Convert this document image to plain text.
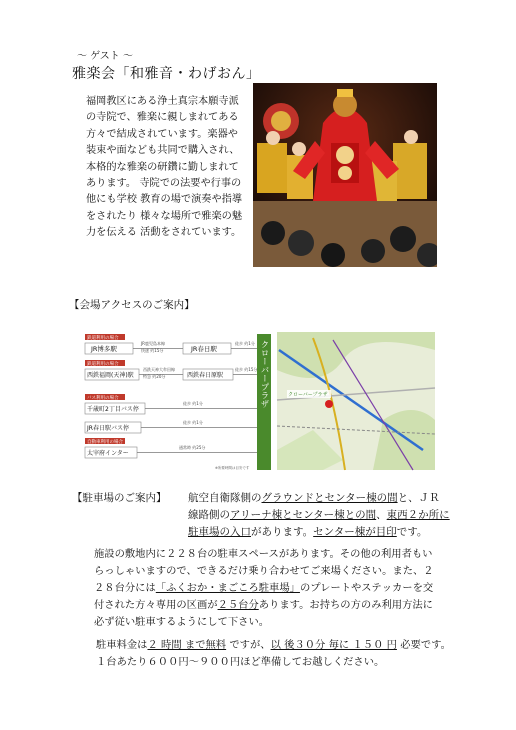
～ ゲスト ～
雅楽会「和雅音・わげおん」
福岡教区にある浄土真宗本願寺派
の寺院で、雅楽に親しまれてある
方々で結成されています。楽器や
装束や面なども共同で購入され、
本格的な雅楽の研鑽に勤しまれて
あります。 寺院での法要や行事の
他にも学校 教育の場で演奏や指導
をされたり 様々な場所で雅楽の魅
力を伝える 活動をされています。
【会場アクセスのご案内】
鉄道利用の場合
JR博多駅
JR鹿児島本線
快速 約15分	JR春日駅
徒歩 約1分
鉄道利用の場合
西鉄福岡(天神)駅
西鉄天神大牟田線
特急 約20分	西鉄春日原駅
徒歩 約15分
バス利用の場合
千歳町2丁目バス停
徒歩 約1分
JR春日駅バス停
徒歩 約1分
自動車利用の場合
太宰府インター
通常時 約25分
※所要時間は目安です
クローバープラザ	クローバープラザ
【駐車場のご案内】 航空自衛隊側のグラウンドとセンター棟の間と、ＪＲ線路側のアリーナ棟とセンター棟との間、東西２か所に駐車場の入口があります。センター棟が目印です。
施設の敷地内に２２８台の駐車スペースがあります。その他の利用者もいらっしゃいますので、できるだけ乗り合わせてご来場ください。また、２２８台分には「ふくおか・まごころ駐車場」のプレートやステッカーを交付された方々専用の区画が２５台分あります。お持ちの方のみ利用方法に必ず従い駐車するようにして下さい。
駐車料金は２ 時間 まで無料 ですが、以 後３０分 毎に １５０ 円 必要です。
１台あたり６００円～９００円ほど準備してお越しください。
